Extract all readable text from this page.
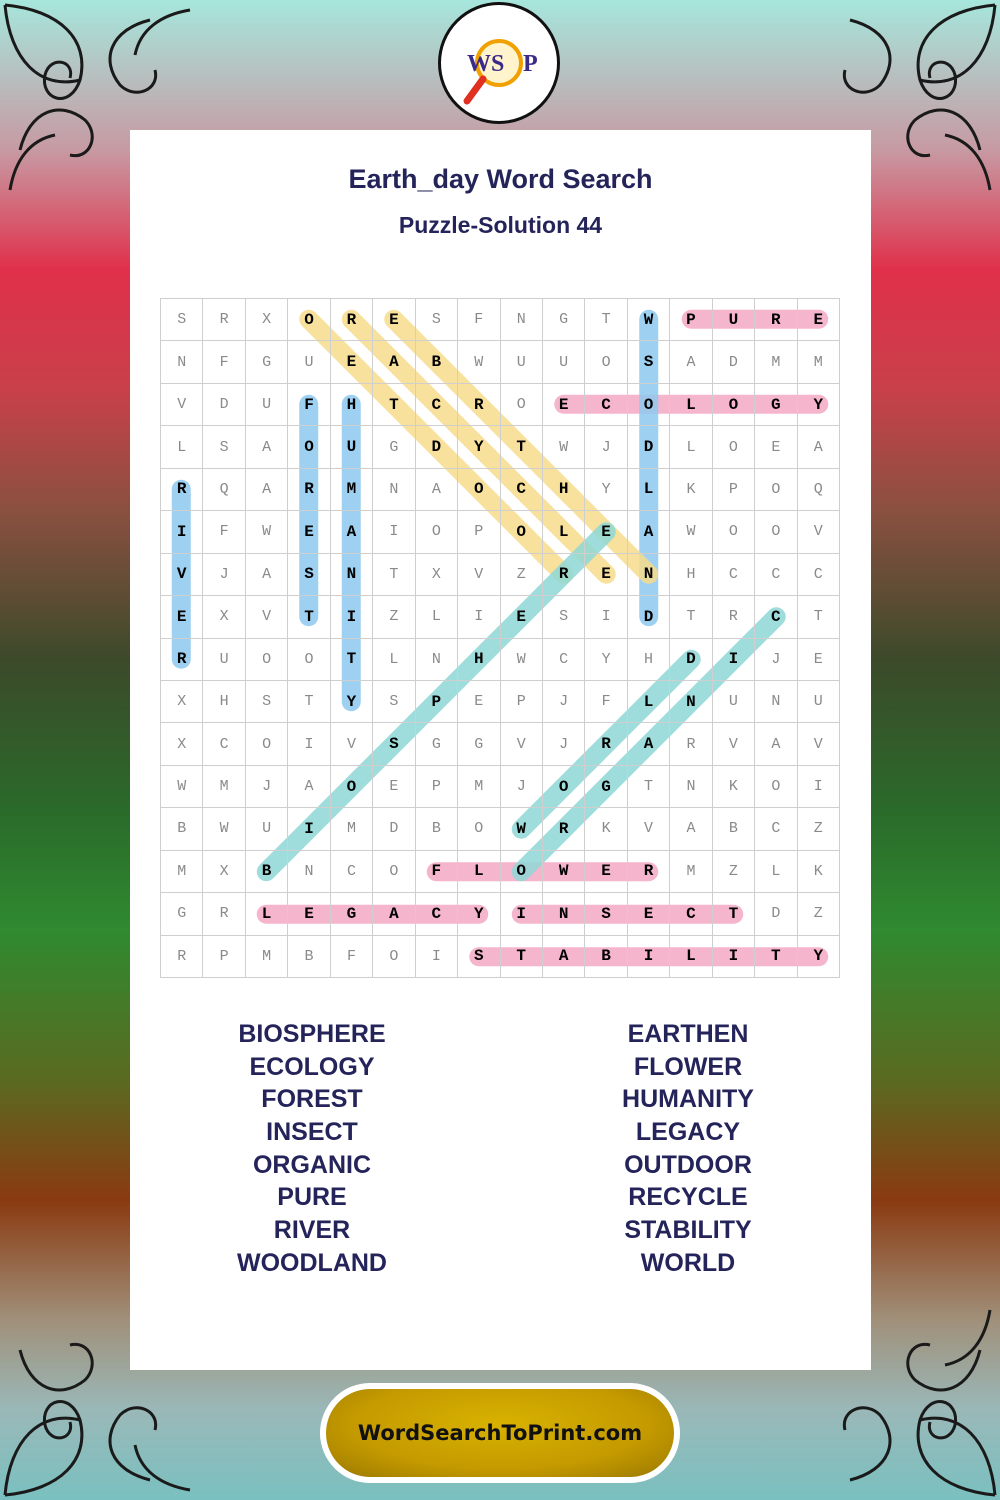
W S P
Earth_day Word Search
Puzzle-Solution 44
S	R	X	O	R	E	S	F	N	G	T	W	P	U	R	E
N	F	G	U	E	A	B	W	U	U	O	S	A	D	M	M
V	D	U	F	H	T	C	R	O	E	C	O	L	O	G	Y
L	S	A	O	U	G	D	Y	T	W	J	D	L	O	E	A
R	Q	A	R	M	N	A	O	C	H	Y	L	K	P	O	Q
I	F	W	E	A	I	O	P	O	L	E	A	W	O	O	V
V	J	A	S	N	T	X	V	Z	R	E	N	H	C	C	C
E	X	V	T	I	Z	L	I	E	S	I	D	T	R	C	T
R	U	O	O	T	L	N	H	W	C	Y	H	D	I	J	E
X	H	S	T	Y	S	P	E	P	J	F	L	N	U	N	U
X	C	O	I	V	S	G	G	V	J	R	A	R	V	A	V
W	M	J	A	O	E	P	M	J	O	G	T	N	K	O	I
B	W	U	I	M	D	B	O	W	R	K	V	A	B	C	Z
M	X	B	N	C	O	F	L	O	W	E	R	M	Z	L	K
G	R	L	E	G	A	C	Y	I	N	S	E	C	T	D	Z
R	P	M	B	F	O	I	S	T	A	B	I	L	I	T	Y
BIOSPHERE
ECOLOGY
FOREST
INSECT
ORGANIC
PURE
RIVER
WOODLAND
EARTHEN
FLOWER
HUMANITY
LEGACY
OUTDOOR
RECYCLE
STABILITY
WORLD
WordSearchToPrint.com
